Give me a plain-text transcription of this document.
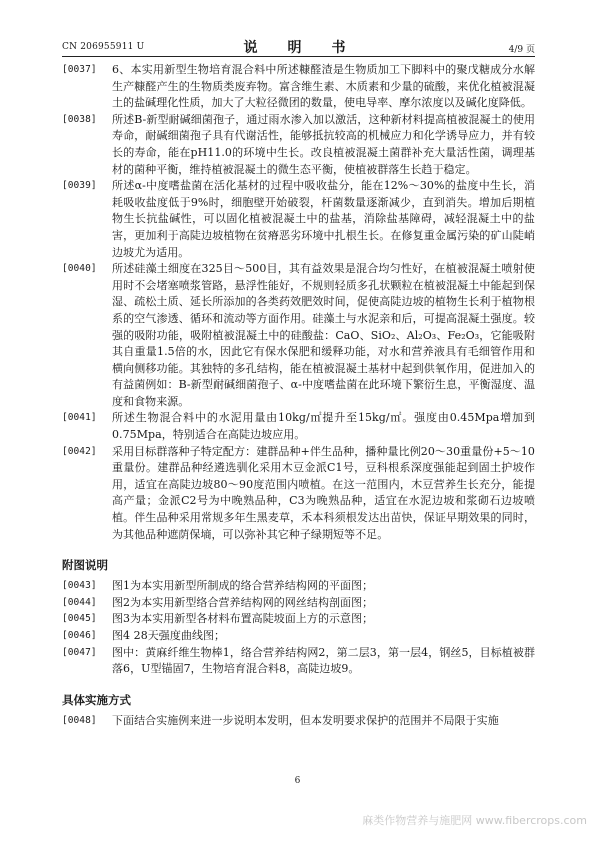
CN 206955911 U	说　明　书	4/9 页
[0037] 6、本实用新型生物培育混合料中所述糠醛渣是生物质加工下脚料中的聚戊糖成分水解生产糠醛产生的生物质类废弃物。富含维生素、木质素和少量的硫酸，来优化植被混凝土的盐碱理化性质，加大了大粒径微团的数量，使电导率、摩尔浓度以及碱化度降低。
[0038] 所述B-新型耐碱细菌孢子，通过雨水渗入加以激活，这种新材料提高植被混凝土的使用寿命，耐碱细菌孢子具有代谢活性，能够抵抗较高的机械应力和化学诱导应力，并有较长的寿命，能在pH11.0的环境中生长。改良植被混凝土菌群补充大量活性菌，调理基材的菌种平衡，维持植被混凝土的微生态平衡，使植被群落生长趋于稳定。
[0039] 所述α-中度嗜盐菌在活化基材的过程中吸收盐分，能在12%～30%的盐度中生长，消耗吸收盐度低于9%时，细胞壁开始破裂，杆菌数量逐渐减少，直到消失。增加后期植物生长抗盐碱性，可以固化植被混凝土中的盐基，消除盐基障碍，减轻混凝土中的盐害，更加利于高陡边坡植物在贫瘠恶劣环境中扎根生长。在修复重金属污染的矿山陡峭边坡尤为适用。
[0040] 所述硅藻土细度在325目～500目，其有益效果是混合均匀性好，在植被混凝土喷射使用时不会堵塞喷浆管路，悬浮性能好，不规则轻质多孔状颗粒在植被混凝土中能起到保湿、疏松土质、延长所添加的各类药效肥效时间，促使高陡边坡的植物生长利于植物根系的空气渗透、循环和流动等方面作用。硅藻土与水泥亲和后，可提高混凝土强度。较强的吸附功能，吸附植被混凝土中的硅酸盐：CaO、SiO₂、Al₂O₃、Fe₂O₃，它能吸附其自重量1.5倍的水，因此它有保水保肥和缓释功能，对水和营养液具有毛细管作用和横向侧移功能。其独特的多孔结构，能在植被混凝土基材中起到供氧作用，促进加入的有益菌例如：B-新型耐碱细菌孢子、α-中度嗜盐菌在此环境下繁衍生息，平衡湿度、温度和食物来源。
[0041] 所述生物混合料中的水泥用量由10kg/㎡提升至15kg/㎡。强度由0.45Mpa增加到0.75Mpa，特别适合在高陡边坡应用。
[0042] 采用目标群落种子特定配方：建群品种+伴生品种，播种量比例20～30重量份+5～10重量份。建群品种经遴选驯化采用木豆金派C1号，豆科根系深度强能起到固土护坡作用，适宜在高陡边坡80～90度范围内喷植。在这一范围内，木豆营养生长充分，能提高产量；金派C2号为中晚熟品种，C3为晚熟品种，适宜在水泥边坡和浆砌石边坡喷植。伴生品种采用常规多年生黑麦草，禾本科须根发达出苗快，保证早期效果的同时，为其他品种遮荫保墒，可以弥补其它种子绿期短等不足。
附图说明
[0043] 图1为本实用新型所制成的络合营养结构网的平面图；
[0044] 图2为本实用新型络合营养结构网的网丝结构剖面图；
[0045] 图3为本实用新型各材料布置高陡坡面上方的示意图；
[0046] 图4 28天强度曲线图；
[0047] 图中：黄麻纤维生物棒1，络合营养结构网2，第二层3，第一层4，钢丝5，目标植被群落6，U型锚固7，生物培育混合料8，高陡边坡9。
具体实施方式
[0048] 下面结合实施例来进一步说明本发明，但本发明要求保护的范围并不局限于实施
6
麻类作物营养与施肥网 www.fibercrops.com
